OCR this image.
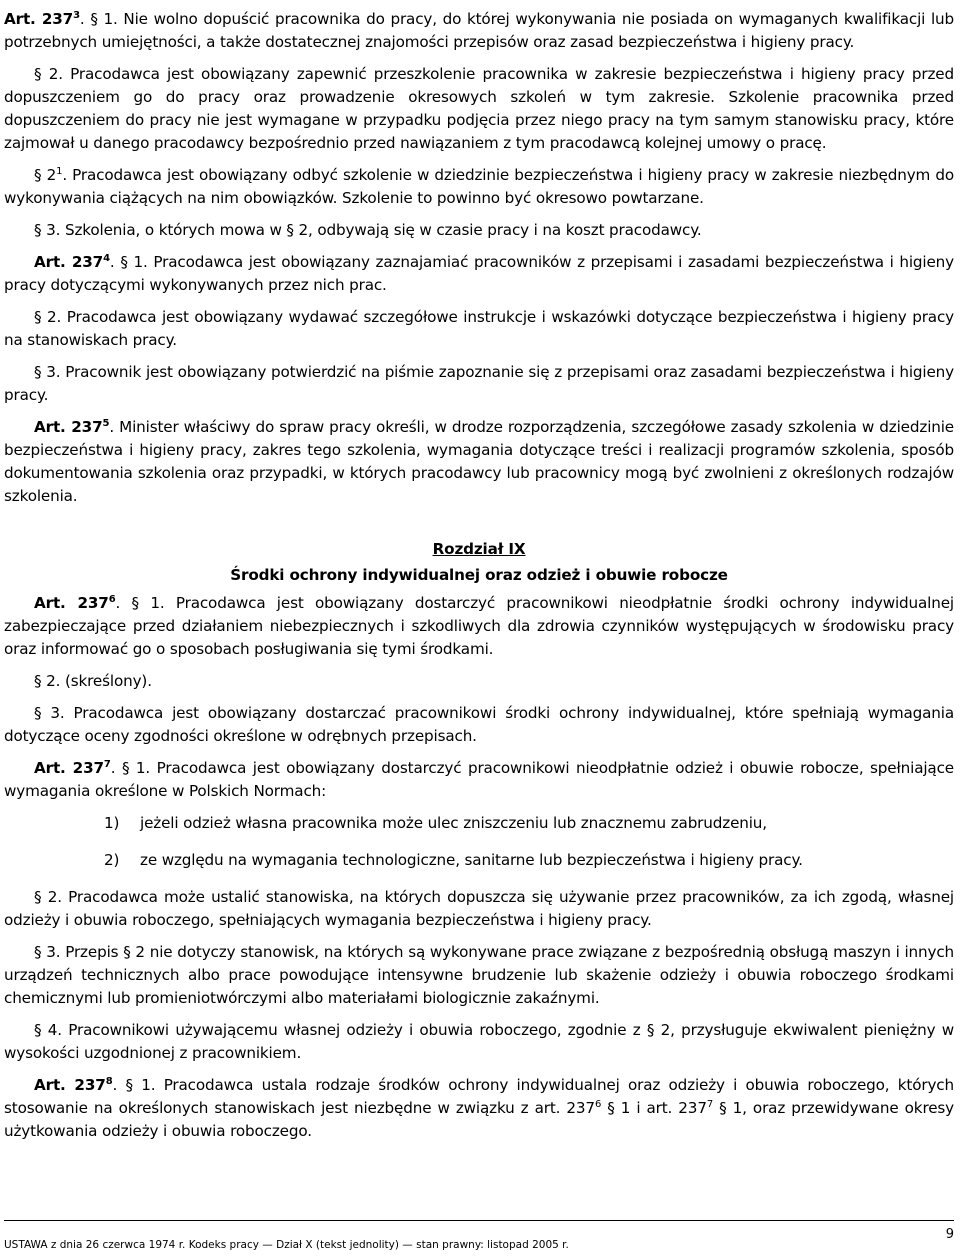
Art. $237^3$. § 1. Nie wolno dopuścić pracownika do pracy, do której wykonywania nie posiada on wymaganych kwalifikacji lub potrzebnych umiejętności, a także dostatecznej znajomości przepisów oraz zasad bezpieczeństwa i higieny pracy.

§ 2. Pracodawca jest obowiązany zapewnić przeszkolenie pracownika w zakresie bezpieczeństwa i higieny pracy przed dopuszczeniem go do pracy oraz prowadzenie okresowych szkoleń w tym zakresie. Szkolenie pracownika przed dopuszczeniem do pracy nie jest wymagane w przypadku podjęcia przez niego pracy na tym samym stanowisku pracy, które zajmował u danego pracodawcy bezpośrednio przed nawiązaniem z tym pracodawcą kolejnej umowy o pracę.

§ $2^1$. Pracodawca jest obowiązany odbyć szkolenie w dziedzinie bezpieczeństwa i higieny pracy w zakresie niezbędnym do wykonywania ciążących na nim obowiązków. Szkolenie to powinno być okresowo powtarzane.

§ 3. Szkolenia, o których mowa w § 2, odbywają się w czasie pracy i na koszt pracodawcy.

Art. $237^4$. § 1. Pracodawca jest obowiązany zaznajamiać pracowników z przepisami i zasadami bezpieczeństwa i higieny pracy dotyczącymi wykonywanych przez nich prac.

§ 2. Pracodawca jest obowiązany wydawać szczegółowe instrukcje i wskazówki dotyczące bezpieczeństwa i higieny pracy na stanowiskach pracy.

§ 3. Pracownik jest obowiązany potwierdzić na piśmie zapoznanie się z przepisami oraz zasadami bezpieczeństwa i higieny pracy.

Art. $237^5$. Minister właściwy do spraw pracy określi, w drodze rozporządzenia, szczegółowe zasady szkolenia w dziedzinie bezpieczeństwa i higieny pracy, zakres tego szkolenia, wymagania dotyczące treści i realizacji programów szkolenia, sposób dokumentowania szkolenia oraz przypadki, w których pracodawcy lub pracownicy mogą być zwolnieni z określonych rodzajów szkolenia.

Rozdział IX

Środki ochrony indywidualnej oraz odzież i obuwie robocze

Art. $237^6$. § 1. Pracodawca jest obowiązany dostarczyć pracownikowi nieodpłatnie środki ochrony indywidualnej zabezpieczające przed działaniem niebezpiecznych i szkodliwych dla zdrowia czynników występujących w środowisku pracy oraz informować go o sposobach posługiwania się tymi środkami.

§ 2. (skreślony).

§ 3. Pracodawca jest obowiązany dostarczać pracownikowi środki ochrony indywidualnej, które spełniają wymagania dotyczące oceny zgodności określone w odrębnych przepisach.

Art. $237^7$. § 1. Pracodawca jest obowiązany dostarczyć pracownikowi nieodpłatnie odzież i obuwie robocze, spełniające wymagania określone w Polskich Normach:

1)	jeżeli odzież własna pracownika może ulec zniszczeniu lub znacznemu zabrudzeniu,

2)	ze względu na wymagania technologiczne, sanitarne lub bezpieczeństwa i higieny pracy.

§ 2. Pracodawca może ustalić stanowiska, na których dopuszcza się używanie przez pracowników, za ich zgodą, własnej odzieży i obuwia roboczego, spełniających wymagania bezpieczeństwa i higieny pracy.

§ 3. Przepis § 2 nie dotyczy stanowisk, na których są wykonywane prace związane z bezpośrednią obsługą maszyn i innych urządzeń technicznych albo prace powodujące intensywne brudzenie lub skażenie odzieży i obuwia roboczego środkami chemicznymi lub promieniotwórczymi albo materiałami biologicznie zakaźnymi.

§ 4. Pracownikowi używającemu własnej odzieży i obuwia roboczego, zgodnie z § 2, przysługuje ekwiwalent pieniężny w wysokości uzgodnionej z pracownikiem.

Art. $237^8$. § 1. Pracodawca ustala rodzaje środków ochrony indywidualnej oraz odzieży i obuwia roboczego, których stosowanie na określonych stanowiskach jest niezbędne w związku z art. $237^6$ § 1 i art. $237^7$ § 1, oraz przewidywane okresy użytkowania odzieży i obuwia roboczego.

USTAWA z dnia 26 czerwca 1974 r. Kodeks pracy — Dział X (tekst jednolity) — stan prawny: listopad 2005 r.
9
